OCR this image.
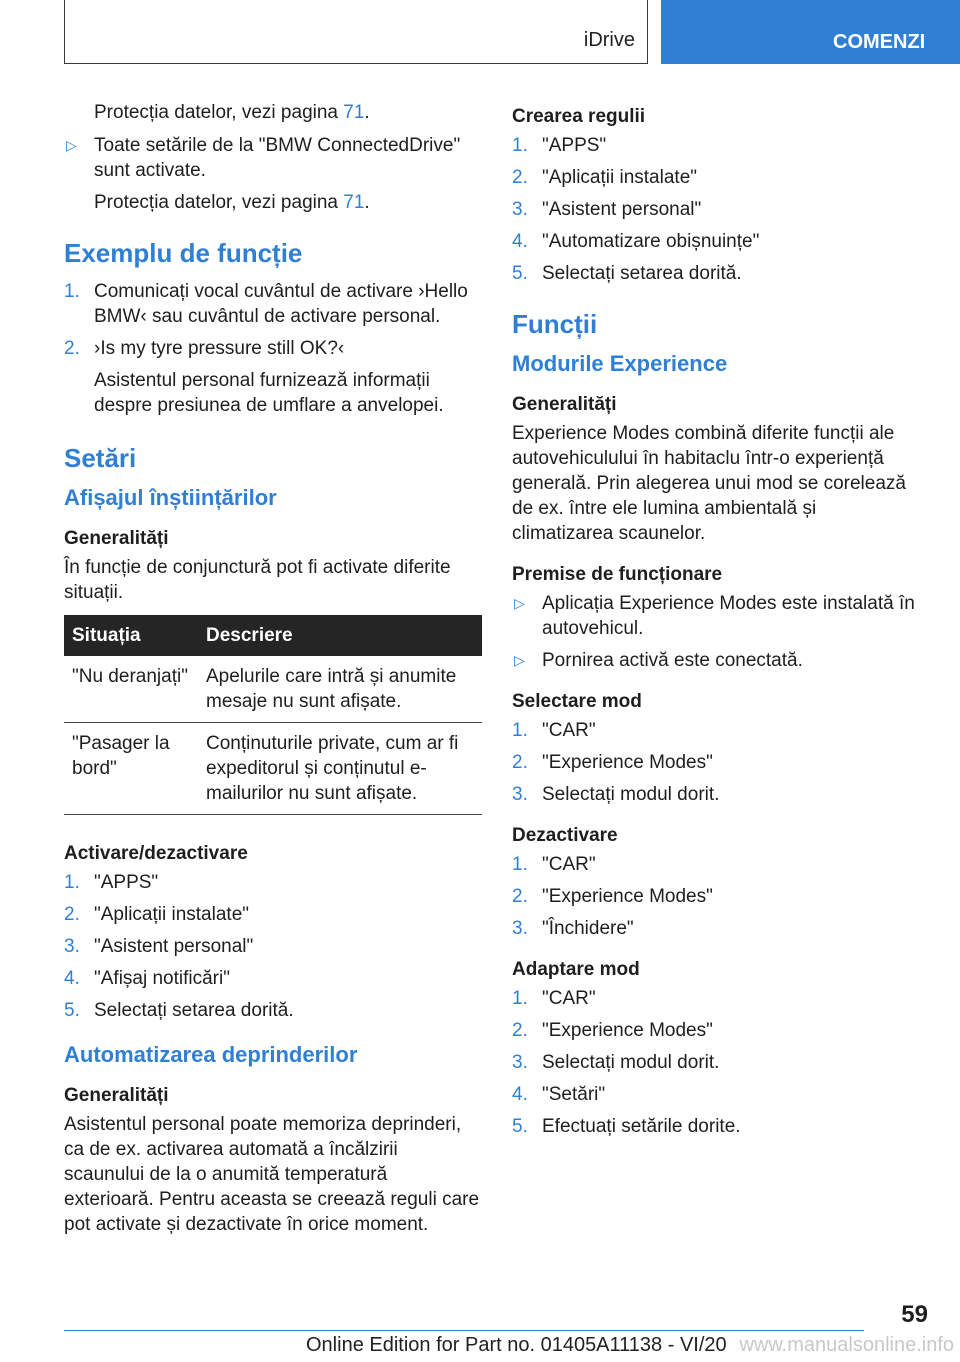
iDrive	COMENZI

Protecția datelor, vezi pagina 71.

▷ Toate setările de la "BMW ConnectedDrive" sunt activate.

Protecția datelor, vezi pagina 71.

Exemplu de funcție
1. Comunicați vocal cuvântul de activare ›Hello BMW‹ sau cuvântul de activare personal.
2. ›Is my tyre pressure still OK?‹

Asistentul personal furnizează informații despre presiunea de umflare a anvelopei.

Setări
Afișajul înștiințărilor
Generalități

În funcție de conjunctură pot fi activate diferite situații.

Situația	Descriere
"Nu deranjați"	Apelurile care intră și anumite mesaje nu sunt afișate.
"Pasager la bord"	Conținuturile private, cum ar fi expeditorul și conținutul e-mailurilor nu sunt afișate.
Activare/dezactivare
1. "APPS"
2. "Aplicații instalate"
3. "Asistent personal"
4. "Afișaj notificări"
5. Selectați setarea dorită.
Automatizarea deprinderilor
Generalități

Asistentul personal poate memoriza deprinderi, ca de ex. activarea automată a încălzirii scaunului de la o anumită temperatură exterioară. Pentru aceasta se creează reguli care pot activate și dezactivate în orice moment.

Crearea regulii
1. "APPS"
2. "Aplicații instalate"
3. "Asistent personal"
4. "Automatizare obișnuințe"
5. Selectați setarea dorită.
Funcții
Modurile Experience
Generalități

Experience Modes combină diferite funcții ale autovehiculului în habitaclu într-o experiență generală. Prin alegerea unui mod se corelează de ex. între ele lumina ambientală și climatizarea scaunelor.

Premise de funcționare
▷ Aplicația Experience Modes este instalată în autovehicul.
▷ Pornirea activă este conectată.
Selectare mod
1. "CAR"
2. "Experience Modes"
3. Selectați modul dorit.
Dezactivare
1. "CAR"
2. "Experience Modes"
3. "Închidere"
Adaptare mod
1. "CAR"
2. "Experience Modes"
3. Selectați modul dorit.
4. "Setări"
5. Efectuați setările dorite.
59
Online Edition for Part no. 01405A11138 - VI/20 www.manualsonline.info
